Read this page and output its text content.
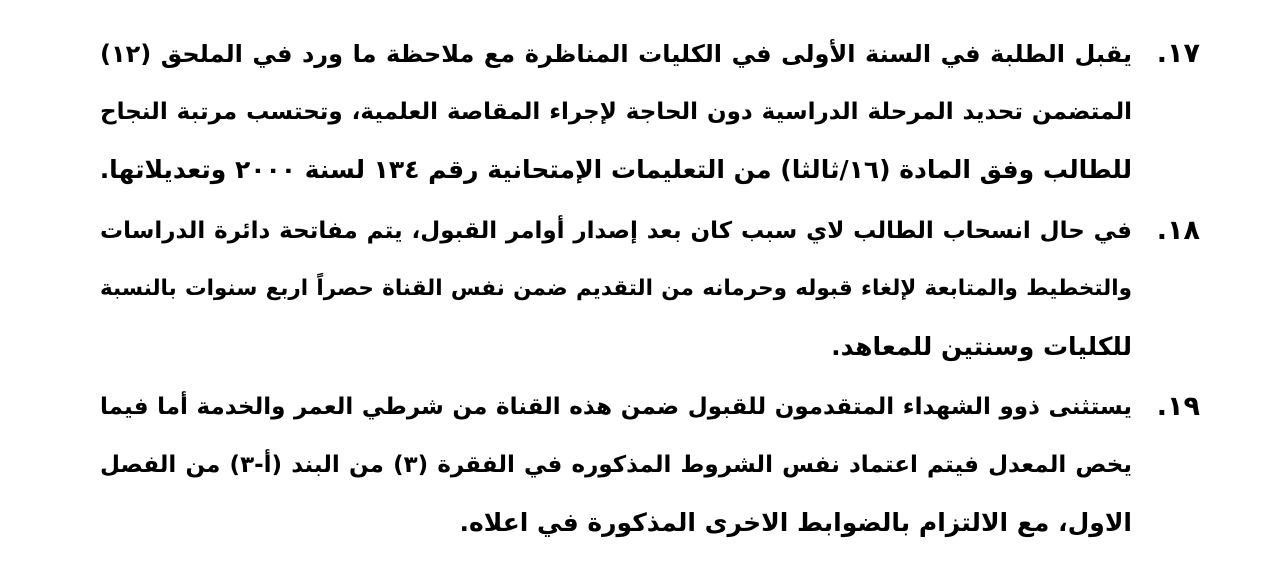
١٧.
يقبل الطلبة في السنة الأولى في الكليات المناظرة مع ملاحظة ما ورد في الملحق (١٢)
المتضمن تحديد المرحلة الدراسية دون الحاجة لإجراء المقاصة العلمية، وتحتسب مرتبة النجاح
للطالب وفق المادة (١٦/ثالثا) من التعليمات الإمتحانية رقم ١٣٤ لسنة ٢٠٠٠ وتعديلاتها.
١٨.
في حال انسحاب الطالب لاي سبب كان بعد إصدار أوامر القبول، يتم مفاتحة دائرة الدراسات
والتخطيط والمتابعة لإلغاء قبوله وحرمانه من التقديم ضمن نفس القناة حصراً اربع سنوات بالنسبة
للكليات وسنتين للمعاهد.
١٩.
يستثنى ذوو الشهداء المتقدمون للقبول ضمن هذه القناة من شرطي العمر والخدمة أما فيما
يخص المعدل فيتم اعتماد نفس الشروط المذكوره في الفقرة (٣) من البند (أ-٣) من الفصل
الاول، مع الالتزام بالضوابط الاخرى المذكورة في اعلاه.
